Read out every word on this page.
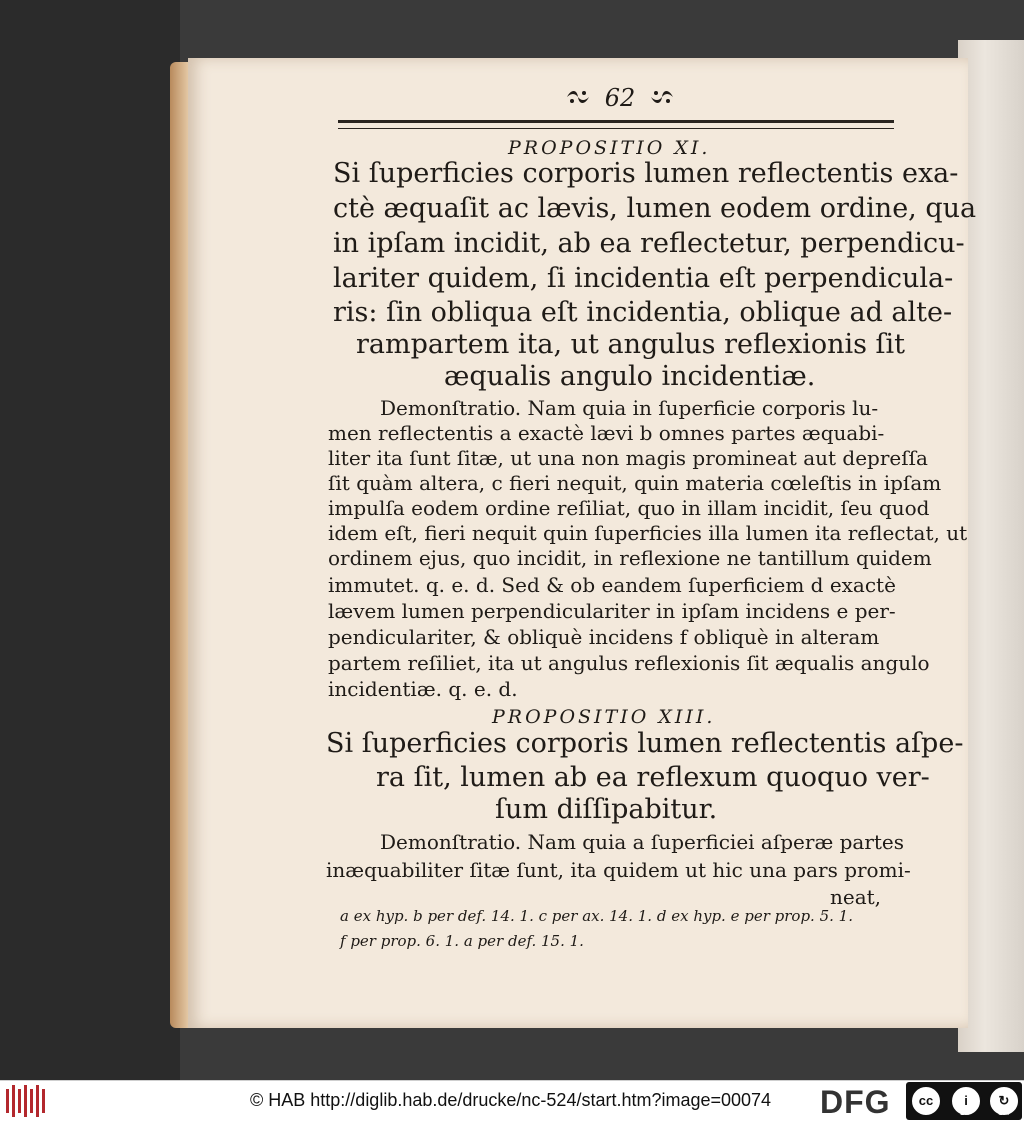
62
PROPOSITIO XI.
Si ſuperficies corporis lumen reflectentis exa-
ctè æquaſit ac lævis, lumen eodem ordine, qua
in ipſam incidit, ab ea reflectetur, perpendicu-
lariter quidem, ſi incidentia eſt perpendicula-
ris: ſin obliqua eſt incidentia, oblique ad alte-
rampartem ita, ut angulus reflexionis ſit
æqualis angulo incidentiæ.
Demonſtratio. Nam quia in ſuperficie corporis lu-
men reflectentis a exactè lævi b omnes partes æquabi-
liter ita ſunt ſitæ, ut una non magis promineat aut depreſſa
ſit quàm altera, c fieri nequit, quin materia cœleſtis in ipſam
impulſa eodem ordine reſiliat, quo in illam incidit, ſeu quod
idem eſt, fieri nequit quin ſuperficies illa lumen ita reflectat, ut
ordinem ejus, quo incidit, in reflexione ne tantillum quidem
immutet. q. e. d. Sed & ob eandem ſuperficiem d exactè
lævem lumen perpendiculariter in ipſam incidens e per-
pendiculariter, & obliquè incidens f obliquè in alteram
partem reſiliet, ita ut angulus reflexionis ſit æqualis angulo
incidentiæ. q. e. d.
PROPOSITIO XIII.
Si ſuperficies corporis lumen reflectentis aſpe-
ra ſit, lumen ab ea reflexum quoquo ver-
ſum diſſipabitur.
Demonſtratio. Nam quia a ſuperficiei aſperæ partes
inæquabiliter ſitæ ſunt, ita quidem ut hic una pars promi-
neat,
a ex hyp. b per def. 14. 1. c per ax. 14. 1. d ex hyp. e per prop. 5. 1.
f per prop. 6. 1. a per def. 15. 1.
© HAB http://diglib.hab.de/drucke/nc-524/start.htm?image=00074 DFG	cc	i	↻
BY	SA
